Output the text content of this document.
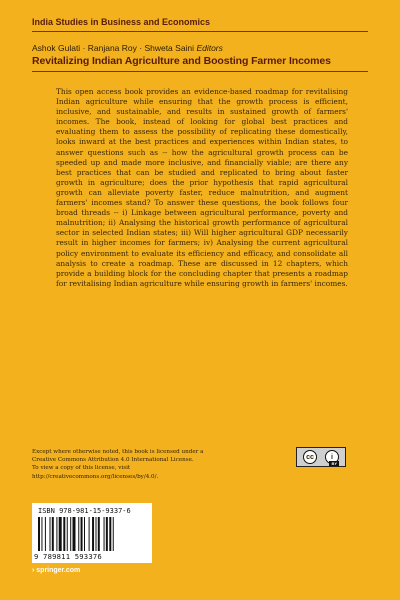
India Studies in Business and Economics
Ashok Gulati · Ranjana Roy · Shweta Saini Editors
Revitalizing Indian Agriculture and Boosting Farmer Incomes

This open access book provides an evidence-based roadmap for revitalising Indian agriculture while ensuring that the growth process is efficient, inclusive, and sustainable, and results in sustained growth of farmers' incomes. The book, instead of looking for global best practices and evaluating them to assess the possibility of replicating these domestically, looks inward at the best practices and experiences within Indian states, to answer questions such as -- how the agricultural growth process can be speeded up and made more inclusive, and financially viable; are there any best practices that can be studied and replicated to bring about faster growth in agriculture; does the prior hypothesis that rapid agricultural growth can alleviate poverty faster, reduce malnutrition, and augment farmers' incomes stand? To answer these questions, the book follows four broad threads -- i) Linkage between agricultural performance, poverty and malnutrition; ii) Analysing the historical growth performance of agricultural sector in selected Indian states; iii) Will higher agricultural GDP necessarily result in higher incomes for farmers; iv) Analysing the current agricultural policy environment to evaluate its efficiency and efficacy, and consolidate all analysis to create a roadmap. These are discussed in 12 chapters, which provide a building block for the concluding chapter that presents a roadmap for revitalising Indian agriculture while ensuring growth in farmers' incomes.

Except where otherwise noted, this book is licensed under a
Creative Commons Attribution 4.0 International License.
To view a copy of this license, visit
http://creativecommons.org/licenses/by/4.0/.
cc	i
BY
ISBN 978-981-15-9337-6
9 789811 593376
› springer.com
